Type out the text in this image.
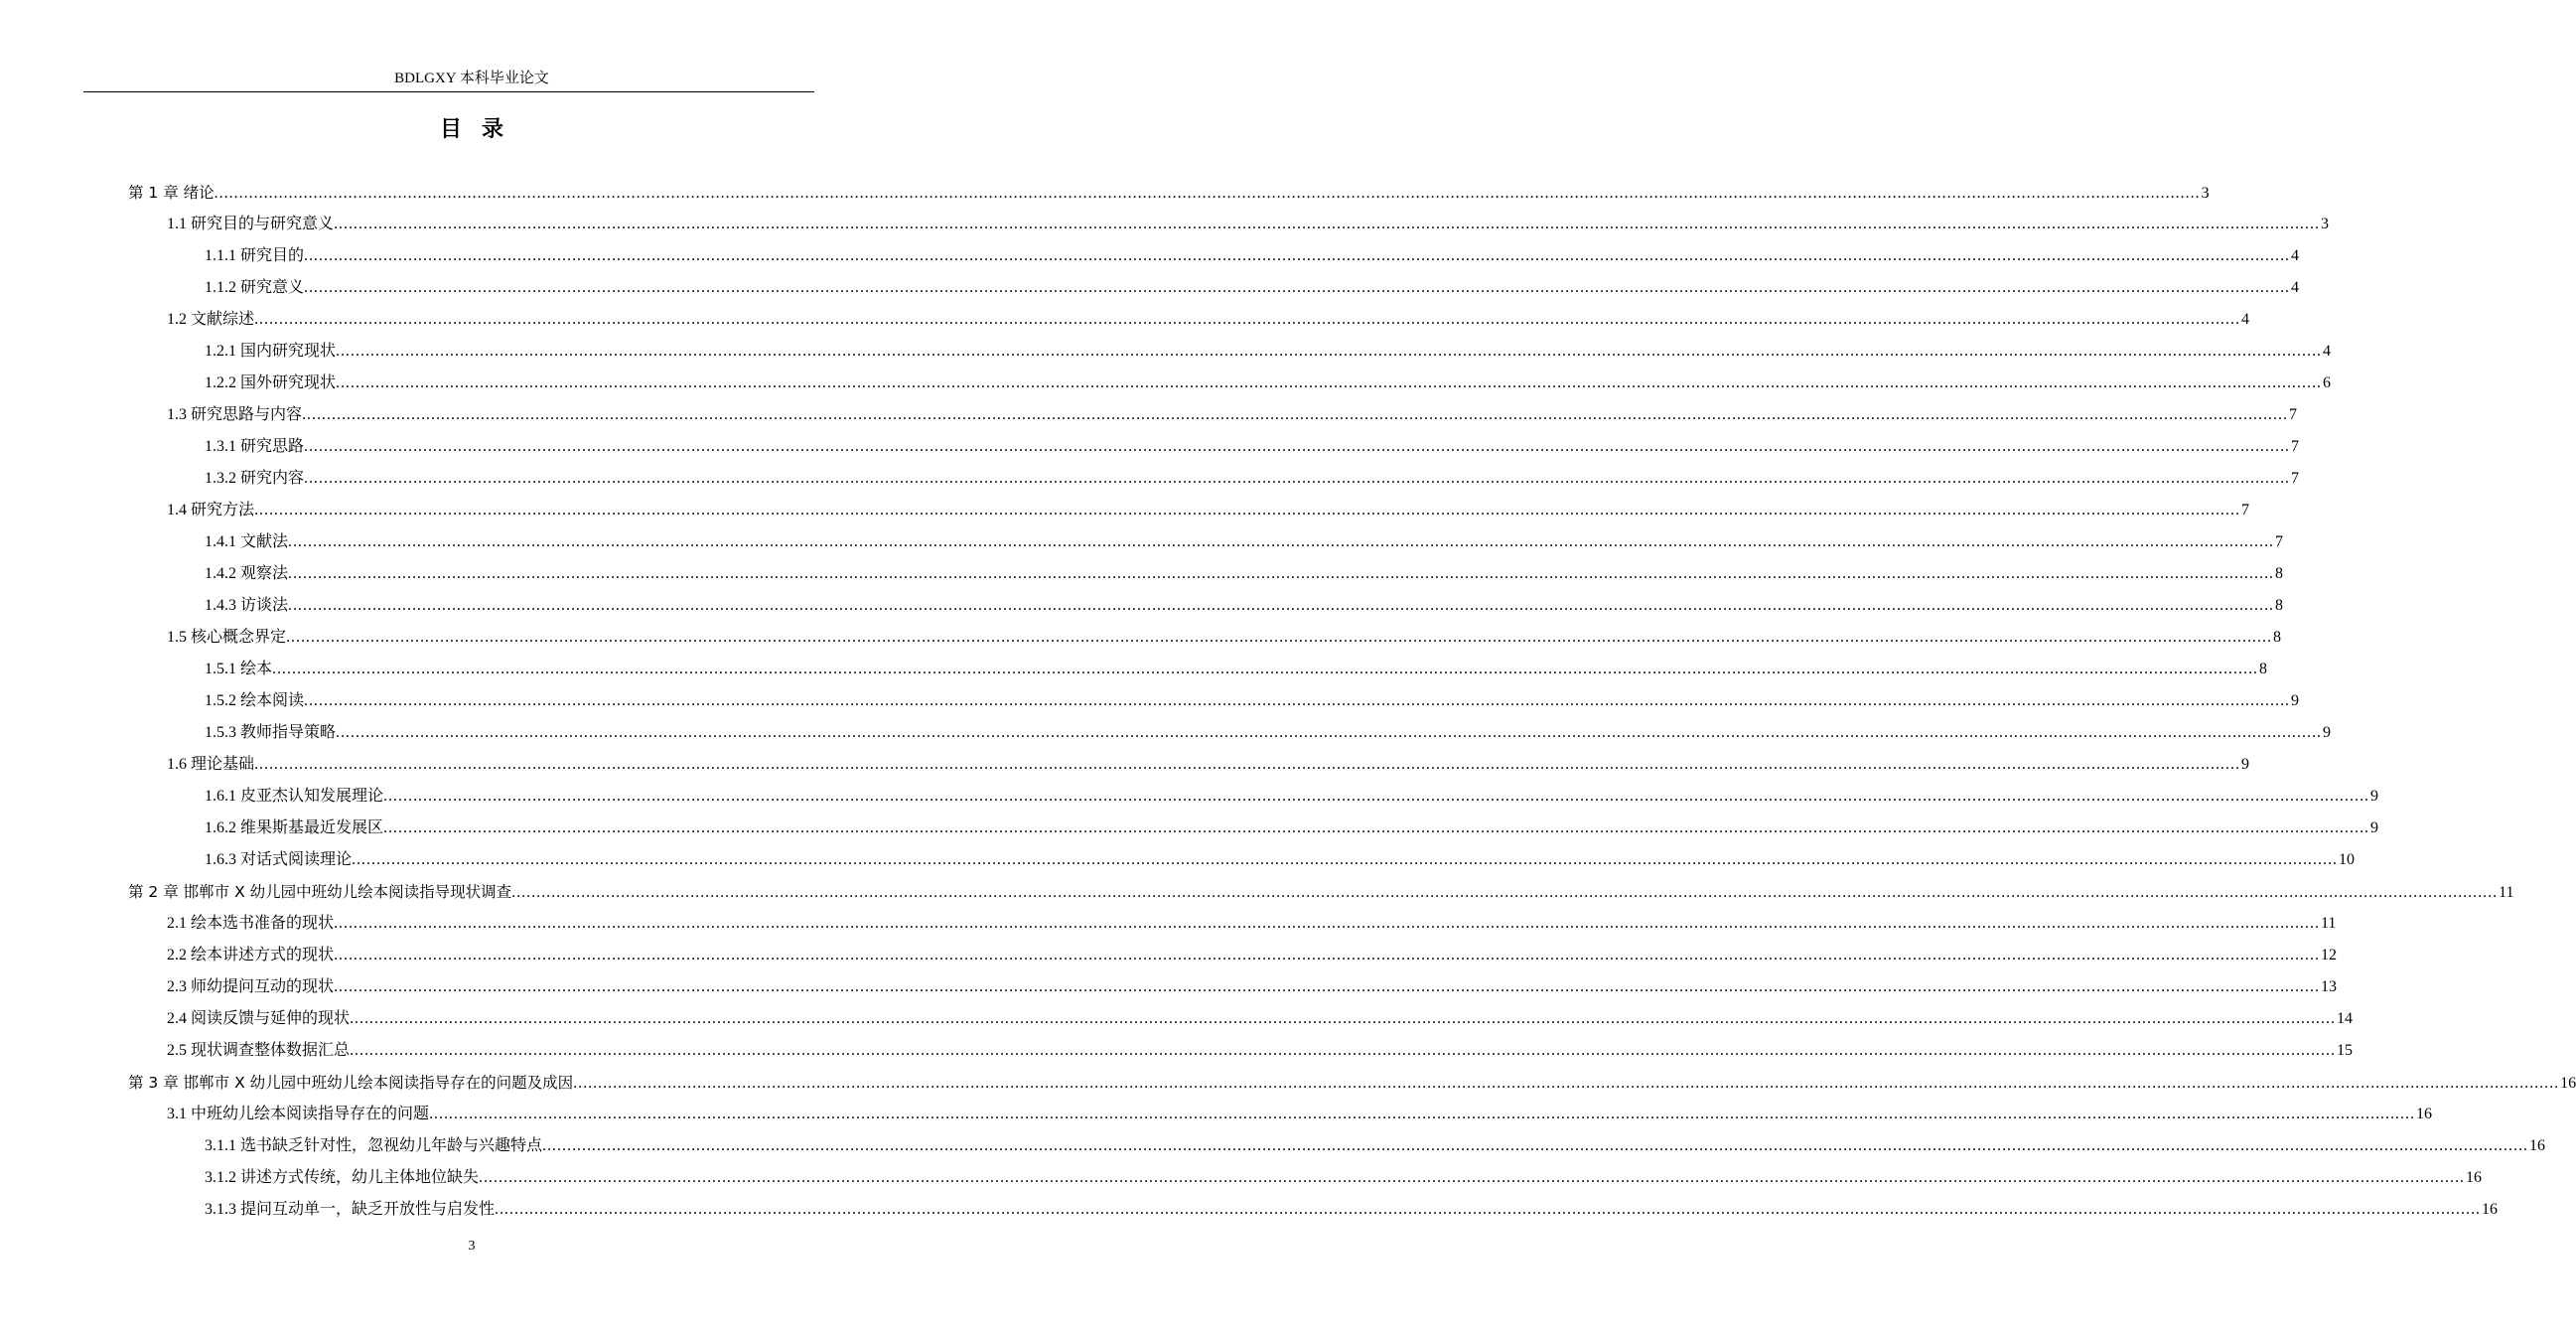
BDLGXY 本科毕业论文
目录
第 1 章 绪论 ................................................................................................................................................................................................................................................................................................................................................................................................................ 3
1.1 研究目的与研究意义 ................................................................................................................................................................................................................................................................................................................................................................................................................ 3
1.1.1 研究目的 ................................................................................................................................................................................................................................................................................................................................................................................................................ 4
1.1.2 研究意义 ................................................................................................................................................................................................................................................................................................................................................................................................................ 4
1.2 文献综述 ................................................................................................................................................................................................................................................................................................................................................................................................................ 4
1.2.1 国内研究现状 ................................................................................................................................................................................................................................................................................................................................................................................................................ 4
1.2.2 国外研究现状 ................................................................................................................................................................................................................................................................................................................................................................................................................ 6
1.3 研究思路与内容 ................................................................................................................................................................................................................................................................................................................................................................................................................ 7
1.3.1 研究思路 ................................................................................................................................................................................................................................................................................................................................................................................................................ 7
1.3.2 研究内容 ................................................................................................................................................................................................................................................................................................................................................................................................................ 7
1.4 研究方法 ................................................................................................................................................................................................................................................................................................................................................................................................................ 7
1.4.1 文献法 ................................................................................................................................................................................................................................................................................................................................................................................................................ 7
1.4.2 观察法 ................................................................................................................................................................................................................................................................................................................................................................................................................ 8
1.4.3 访谈法 ................................................................................................................................................................................................................................................................................................................................................................................................................ 8
1.5 核心概念界定 ................................................................................................................................................................................................................................................................................................................................................................................................................ 8
1.5.1 绘本 ................................................................................................................................................................................................................................................................................................................................................................................................................ 8
1.5.2 绘本阅读 ................................................................................................................................................................................................................................................................................................................................................................................................................ 9
1.5.3 教师指导策略 ................................................................................................................................................................................................................................................................................................................................................................................................................ 9
1.6 理论基础 ................................................................................................................................................................................................................................................................................................................................................................................................................ 9
1.6.1 皮亚杰认知发展理论 ................................................................................................................................................................................................................................................................................................................................................................................................................ 9
1.6.2 维果斯基最近发展区 ................................................................................................................................................................................................................................................................................................................................................................................................................ 9
1.6.3 对话式阅读理论 ................................................................................................................................................................................................................................................................................................................................................................................................................ 10
第 2 章 邯郸市 X 幼儿园中班幼儿绘本阅读指导现状调查 ................................................................................................................................................................................................................................................................................................................................................................................................................ 11
2.1 绘本选书准备的现状 ................................................................................................................................................................................................................................................................................................................................................................................................................ 11
2.2 绘本讲述方式的现状 ................................................................................................................................................................................................................................................................................................................................................................................................................ 12
2.3 师幼提问互动的现状 ................................................................................................................................................................................................................................................................................................................................................................................................................ 13
2.4 阅读反馈与延伸的现状 ................................................................................................................................................................................................................................................................................................................................................................................................................ 14
2.5 现状调查整体数据汇总 ................................................................................................................................................................................................................................................................................................................................................................................................................ 15
第 3 章 邯郸市 X 幼儿园中班幼儿绘本阅读指导存在的问题及成因 ................................................................................................................................................................................................................................................................................................................................................................................................................ 16
3.1 中班幼儿绘本阅读指导存在的问题 ................................................................................................................................................................................................................................................................................................................................................................................................................ 16
3.1.1 选书缺乏针对性，忽视幼儿年龄与兴趣特点 ................................................................................................................................................................................................................................................................................................................................................................................................................ 16
3.1.2 讲述方式传统，幼儿主体地位缺失 ................................................................................................................................................................................................................................................................................................................................................................................................................ 16
3.1.3 提问互动单一，缺乏开放性与启发性 ................................................................................................................................................................................................................................................................................................................................................................................................................ 16
3
